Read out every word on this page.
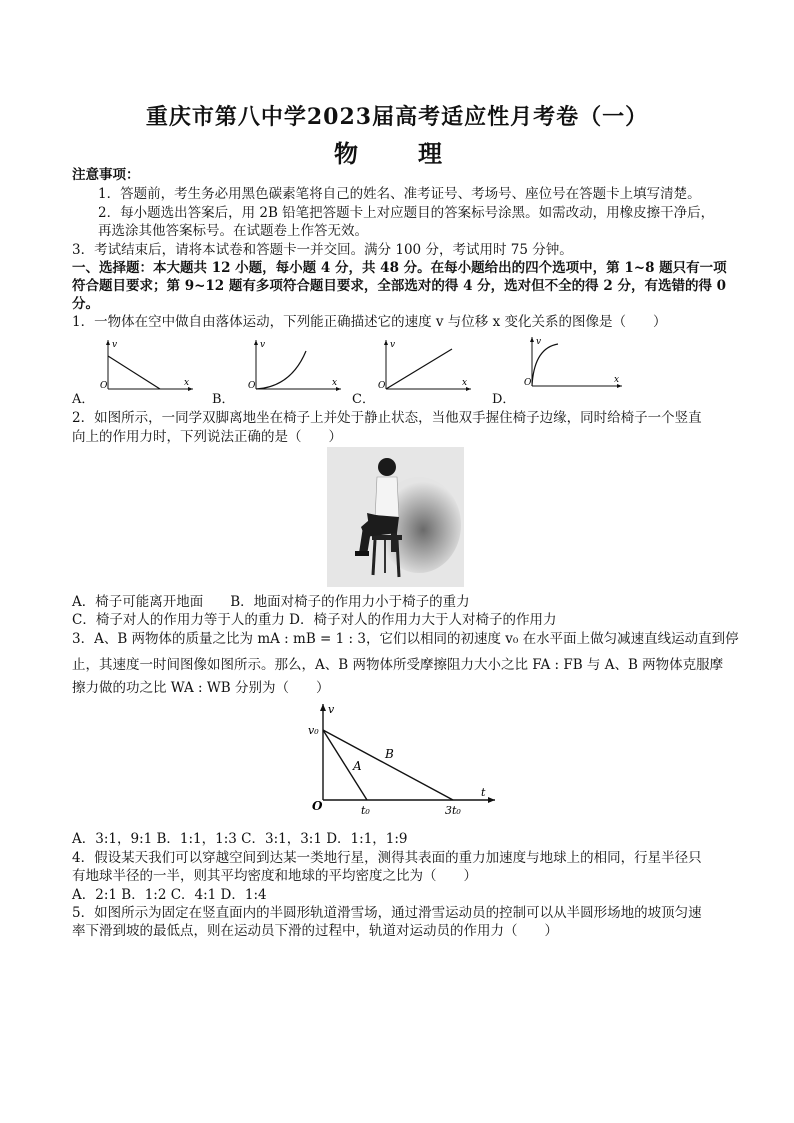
重庆市第八中学2023届高考适应性月考卷（一）
物　理
注意事项：
1．答题前，考生务必用黑色碳素笔将自己的姓名、准考证号、考场号、座位号在答题卡上填写清楚。
2．每小题选出答案后，用 2B 铅笔把答题卡上对应题目的答案标号涂黑。如需改动，用橡皮擦干净后，
再选涂其他答案标号。在试题卷上作答无效。
3．考试结束后，请将本试卷和答题卡一并交回。满分 100 分，考试用时 75 分钟。
一、选择题：本大题共 12 小题，每小题 4 分，共 48 分。在每小题给出的四个选项中，第 1~8 题只有一项
符合题目要求；第 9~12 题有多项符合题目要求，全部选对的得 4 分，选对但不全的得 2 分，有选错的得 0
分。
1．一物体在空中做自由落体运动，下列能正确描述它的速度 v 与位移 x 变化关系的图像是（　　）
A．
v
O	x
B．
v
O	x
C．
v
O	x
D．
v
O	x
2．如图所示，一同学双脚离地坐在椅子上并处于静止状态，当他双手握住椅子边缘，同时给椅子一个竖直
向上的作用力时，下列说法正确的是（　　）
A．椅子可能离开地面　　B．地面对椅子的作用力小于椅子的重力
C．椅子对人的作用力等于人的重力 D．椅子对人的作用力大于人对椅子的作用力
3．A、B 两物体的质量之比为 mA : mB = 1 : 3，它们以相同的初速度 v₀ 在水平面上做匀减速直线运动直到停
止，其速度一时间图像如图所示。那么，A、B 两物体所受摩擦阻力大小之比 FA : FB 与 A、B 两物体克服摩
擦力做的功之比 WA : WB 分别为（　　）
v
v₀
O
A
B
t₀	3t₀
t
A．3:1，9:1 B．1:1，1:3 C．3:1，3:1 D．1:1，1:9
4．假设某天我们可以穿越空间到达某一类地行星，测得其表面的重力加速度与地球上的相同，行星半径只
有地球半径的一半，则其平均密度和地球的平均密度之比为（　　）
A．2:1 B．1:2 C．4:1 D．1:4
5．如图所示为固定在竖直面内的半圆形轨道滑雪场，通过滑雪运动员的控制可以从半圆形场地的坡顶匀速
率下滑到坡的最低点，则在运动员下滑的过程中，轨道对运动员的作用力（　　）
